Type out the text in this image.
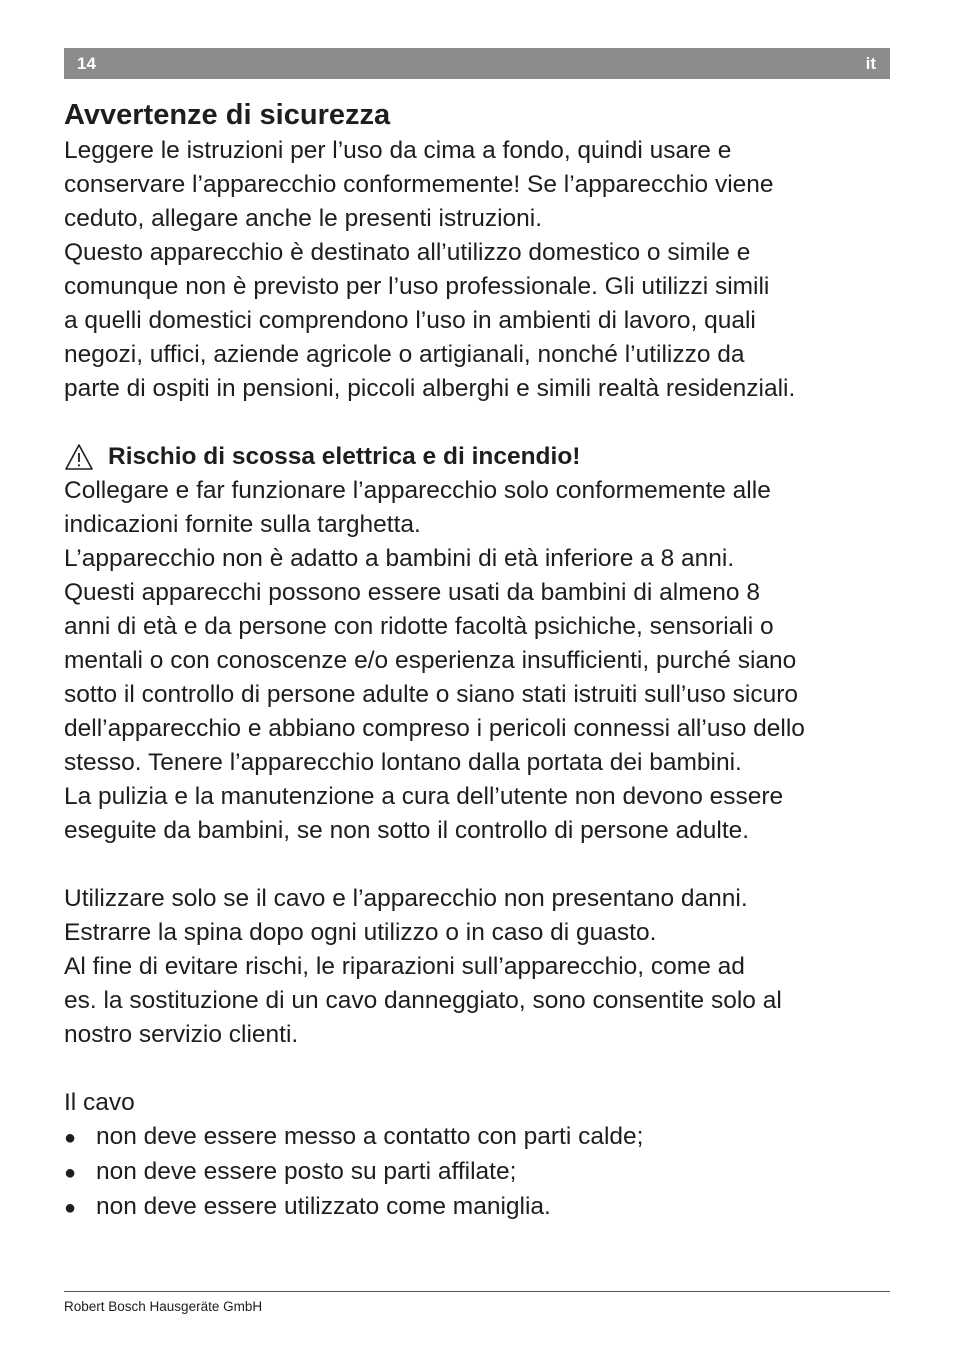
14	it
Avvertenze di sicurezza

Leggere le istruzioni per l’uso da cima a fondo, quindi usare e
conservare l’apparecchio conformemente! Se l’apparecchio viene
ceduto, allegare anche le presenti istruzioni.

Questo apparecchio è destinato all’utilizzo domestico o simile e
comunque non è previsto per l’uso professionale. Gli utilizzi simili
a quelli domestici comprendono l’uso in ambienti di lavoro, quali
negozi, uffici, aziende agricole o artigianali, nonché l’utilizzo da
parte di ospiti in pensioni, piccoli alberghi e simili realtà residenziali.

Rischio di scossa elettrica e di incendio!

Collegare e far funzionare l’apparecchio solo conformemente alle
indicazioni fornite sulla targhetta.

L’apparecchio non è adatto a bambini di età inferiore a 8 anni.
Questi apparecchi possono essere usati da bambini di almeno 8
anni di età e da persone con ridotte facoltà psichiche, sensoriali o
mentali o con conoscenze e/o esperienza insufficienti, purché siano
sotto il controllo di persone adulte o siano stati istruiti sull’uso sicuro
dell’apparecchio e abbiano compreso i pericoli connessi all’uso dello
stesso. Tenere l’apparecchio lontano dalla portata dei bambini.

La pulizia e la manutenzione a cura dell’utente non devono essere
eseguite da bambini, se non sotto il controllo di persone adulte.

Utilizzare solo se il cavo e l’apparecchio non presentano danni.

Estrarre la spina dopo ogni utilizzo o in caso di guasto.

Al fine di evitare rischi, le riparazioni sull’apparecchio, come ad
es. la sostituzione di un cavo danneggiato, sono consentite solo al
nostro servizio clienti.

Il cavo

● non deve essere messo a contatto con parti calde;
● non deve essere posto su parti affilate;
● non deve essere utilizzato come maniglia.
Robert Bosch Hausgeräte GmbH
